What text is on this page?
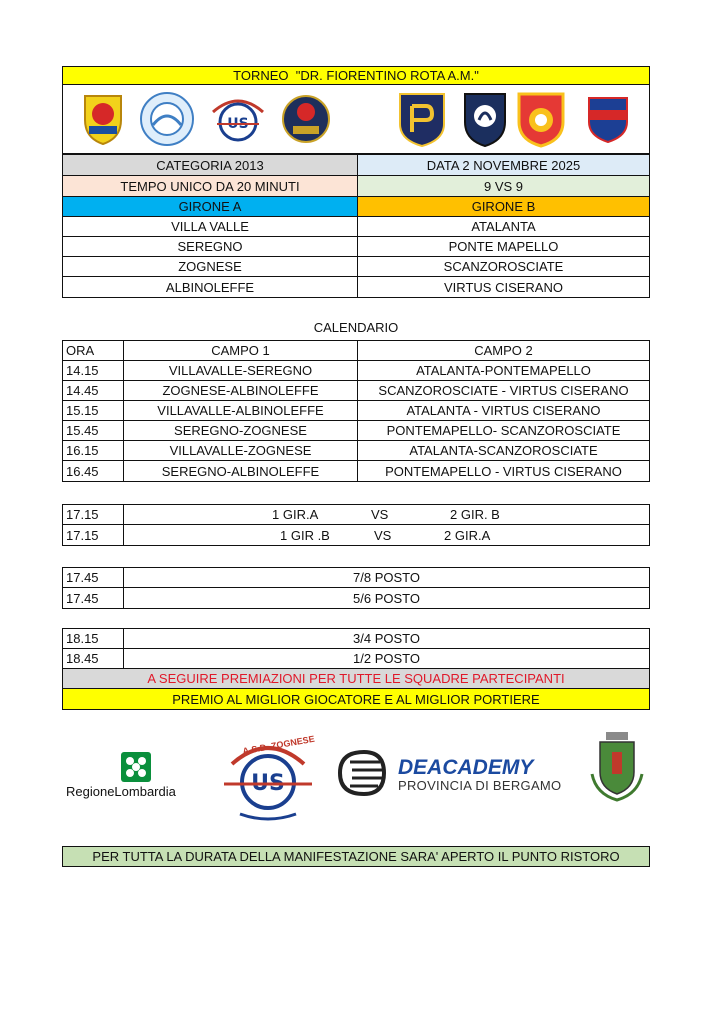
TORNEO  "DR. FIORENTINO ROTA A.M."
US
CATEGORIA 2013	DATA 2 NOVEMBRE 2025
TEMPO UNICO DA 20 MINUTI	9 VS 9
GIRONE A	GIRONE B
VILLA VALLE	ATALANTA
SEREGNO	PONTE MAPELLO
ZOGNESE	SCANZOROSCIATE
ALBINOLEFFE	VIRTUS CISERANO
CALENDARIO
ORA	CAMPO 1	CAMPO 2
14.15	VILLAVALLE-SEREGNO	ATALANTA-PONTEMAPELLO
14.45	ZOGNESE-ALBINOLEFFE	SCANZOROSCIATE - VIRTUS CISERANO
15.15	VILLAVALLE-ALBINOLEFFE	ATALANTA - VIRTUS CISERANO
15.45	SEREGNO-ZOGNESE	PONTEMAPELLO- SCANZOROSCIATE
16.15	VILLAVALLE-ZOGNESE	ATALANTA-SCANZOROSCIATE
16.45	SEREGNO-ALBINOLEFFE	PONTEMAPELLO - VIRTUS CISERANO
17.15	1 GIR.A	VS	2 GIR. B
17.15	1 GIR .B	VS	2 GIR.A
17.45	7/8 POSTO
17.45	5/6 POSTO
18.15	3/4 POSTO
18.45	1/2 POSTO
A SEGUIRE PREMIAZIONI PER TUTTE LE SQUADRE PARTECIPANTI
PREMIO AL MIGLIOR GIOCATORE E AL MIGLIOR PORTIERE
RegioneLombardia	US
A.S.D. ZOGNESE
DEACADEMY
PROVINCIA DI BERGAMO
PER TUTTA LA DURATA DELLA MANIFESTAZIONE SARA' APERTO IL PUNTO RISTORO
